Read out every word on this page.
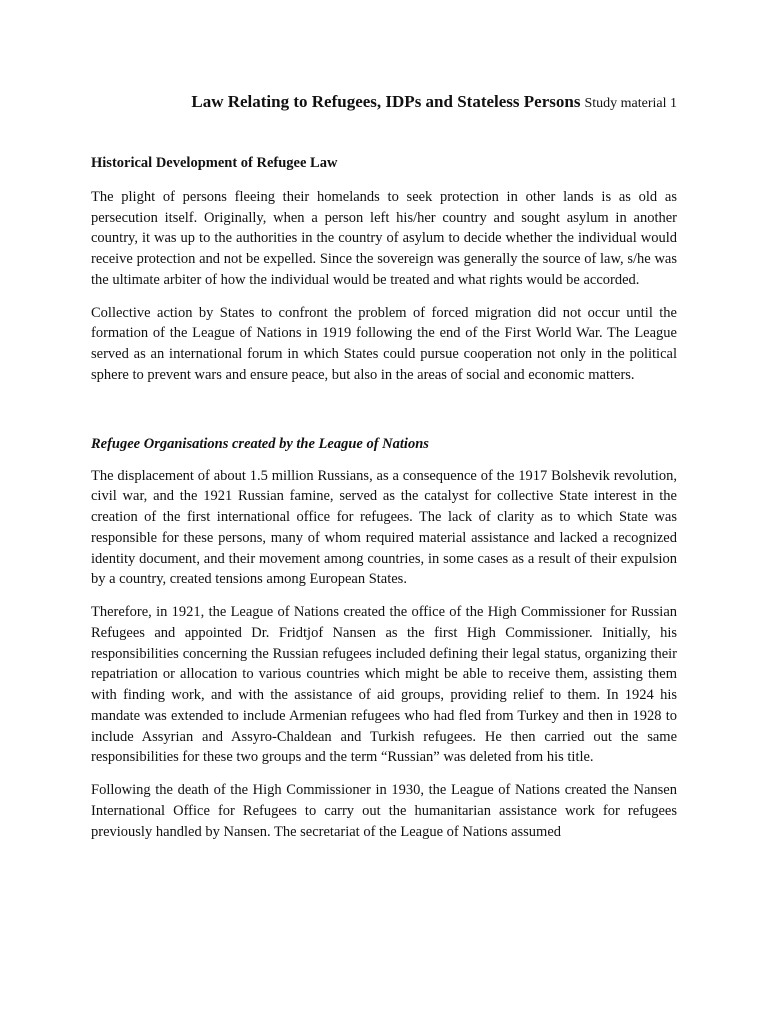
Law Relating to Refugees, IDPs and Stateless Persons Study material 1
Historical Development of Refugee Law

The plight of persons fleeing their homelands to seek protection in other lands is as old as persecution itself. Originally, when a person left his/her country and sought asylum in another country, it was up to the authorities in the country of asylum to decide whether the individual would receive protection and not be expelled. Since the sovereign was generally the source of law, s/he was the ultimate arbiter of how the individual would be treated and what rights would be accorded.

Collective action by States to confront the problem of forced migration did not occur until the formation of the League of Nations in 1919 following the end of the First World War. The League served as an international forum in which States could pursue cooperation not only in the political sphere to prevent wars and ensure peace, but also in the areas of social and economic matters.

Refugee Organisations created by the League of Nations

The displacement of about 1.5 million Russians, as a consequence of the 1917 Bolshevik revolution, civil war, and the 1921 Russian famine, served as the catalyst for collective State interest in the creation of the first international office for refugees. The lack of clarity as to which State was responsible for these persons, many of whom required material assistance and lacked a recognized identity document, and their movement among countries, in some cases as a result of their expulsion by a country, created tensions among European States.

Therefore, in 1921, the League of Nations created the office of the High Commissioner for Russian Refugees and appointed Dr. Fridtjof Nansen as the first High Commissioner. Initially, his responsibilities concerning the Russian refugees included defining their legal status, organizing their repatriation or allocation to various countries which might be able to receive them, assisting them with finding work, and with the assistance of aid groups, providing relief to them. In 1924 his mandate was extended to include Armenian refugees who had fled from Turkey and then in 1928 to include Assyrian and Assyro-Chaldean and Turkish refugees. He then carried out the same responsibilities for these two groups and the term “Russian” was deleted from his title.

Following the death of the High Commissioner in 1930, the League of Nations created the Nansen International Office for Refugees to carry out the humanitarian assistance work for refugees previously handled by Nansen. The secretariat of the League of Nations assumed
